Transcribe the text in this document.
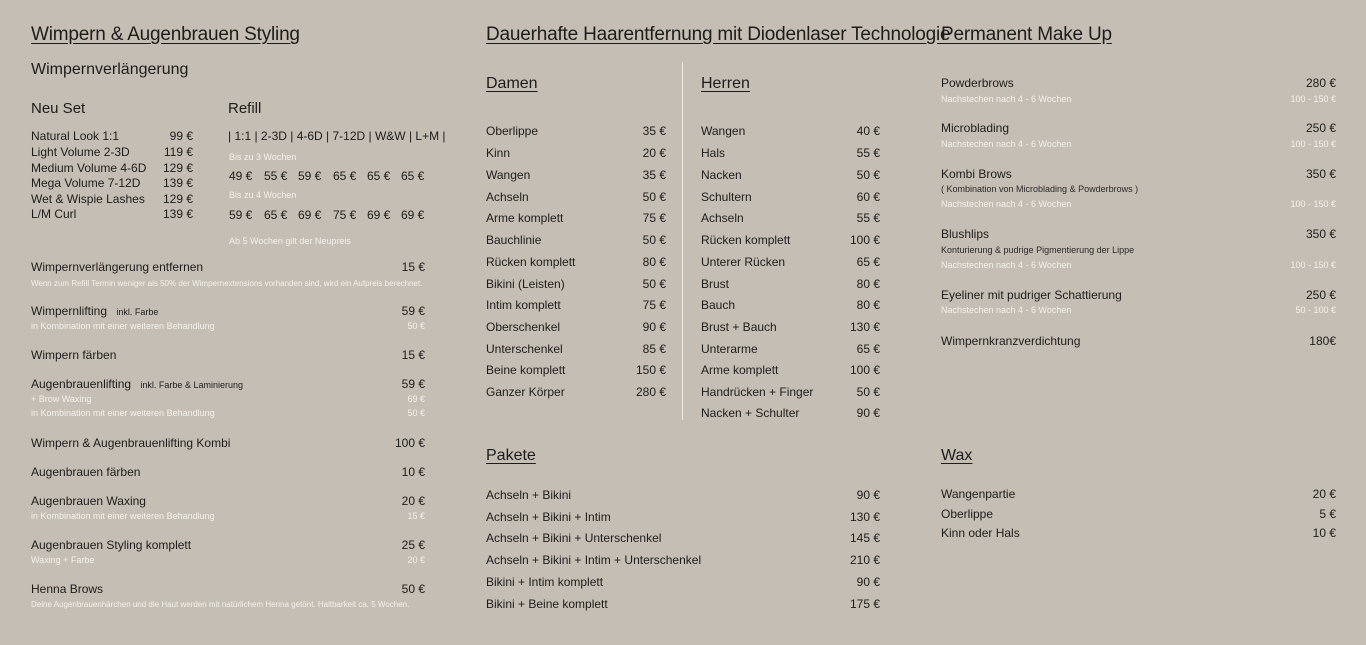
Wimpern & Augenbrauen Styling
Wimpernverlängerung
Neu Set	Refill
Natural Look 1:1	99 €
Light Volume 2-3D	119 €
Medium Volume 4-6D	129 €
Mega Volume 7-12D	139 €
Wet & Wispie Lashes	129 €
L/M Curl	139 €
| 1:1 | 2-3D | 4-6D | 7-12D | W&W | L+M |
Bis zu 3 Wochen
49 € 55 € 59 € 65 € 65 € 65 €
Bis zu 4 Wochen
59 € 65 € 69 € 75 € 69 € 69 €
Ab 5 Wochen gilt der Neupreis
Wimpernverlängerung entfernen	15 €
Wenn zum Refill Termin weniger als 50% der Wimpernextensions vorhanden sind, wird ein Aufpreis berechnet.
Wimpernlifting inkl. Farbe	59 €
in Kombination mit einer weiteren Behandlung	50 €
Wimpern färben	15 €
Augenbrauenlifting inkl. Farbe & Laminierung	59 €
+ Brow Waxing	69 €
in Kombination mit einer weiteren Behandlung	50 €
Wimpern & Augenbrauenlifting Kombi	100 €
Augenbrauen färben	10 €
Augenbrauen Waxing	20 €
in Kombination mit einer weiteren Behandlung	15 €
Augenbrauen Styling komplett	25 €
Waxing + Farbe	20 €
Henna Brows	50 €
Deine Augenbrauenhärchen und die Haut werden mit natürlichem Henna getönt. Haltbarkeit ca. 5 Wochen.
Dauerhafte Haarentfernung mit Diodenlaser Technologie
Damen	Herren
Oberlippe	35 €
Kinn	20 €
Wangen	35 €
Achseln	50 €
Arme komplett	75 €
Bauchlinie	50 €
Rücken komplett	80 €
Bikini (Leisten)	50 €
Intim komplett	75 €
Oberschenkel	90 €
Unterschenkel	85 €
Beine komplett	150 €
Ganzer Körper	280 €
Wangen	40 €
Hals	55 €
Nacken	50 €
Schultern	60 €
Achseln	55 €
Rücken komplett	100 €
Unterer Rücken	65 €
Brust	80 €
Bauch	80 €
Brust + Bauch	130 €
Unterarme	65 €
Arme komplett	100 €
Handrücken + Finger	50 €
Nacken + Schulter	90 €
Pakete
Achseln + Bikini	90 €
Achseln + Bikini + Intim	130 €
Achseln + Bikini + Unterschenkel	145 €
Achseln + Bikini + Intim + Unterschenkel	210 €
Bikini + Intim komplett	90 €
Bikini + Beine komplett	175 €
Permanent Make Up
Powderbrows	280 €
Nachstechen nach 4 - 6 Wochen	100 - 150 €
Microblading	250 €
Nachstechen nach 4 - 6 Wochen	100 - 150 €
Kombi Brows	350 €
( Kombination von Microblading & Powderbrows )
Nachstechen nach 4 - 6 Wochen	100 - 150 €
Blushlips	350 €
Konturierung & pudrige Pigmentierung der Lippe
Nachstechen nach 4 - 6 Wochen	100 - 150 €
Eyeliner mit pudriger Schattierung	250 €
Nachstechen nach 4 - 6 Wochen	50 - 100 €
Wimpernkranzverdichtung	180€
Wax
Wangenpartie	20 €
Oberlippe	5 €
Kinn oder Hals	10 €
